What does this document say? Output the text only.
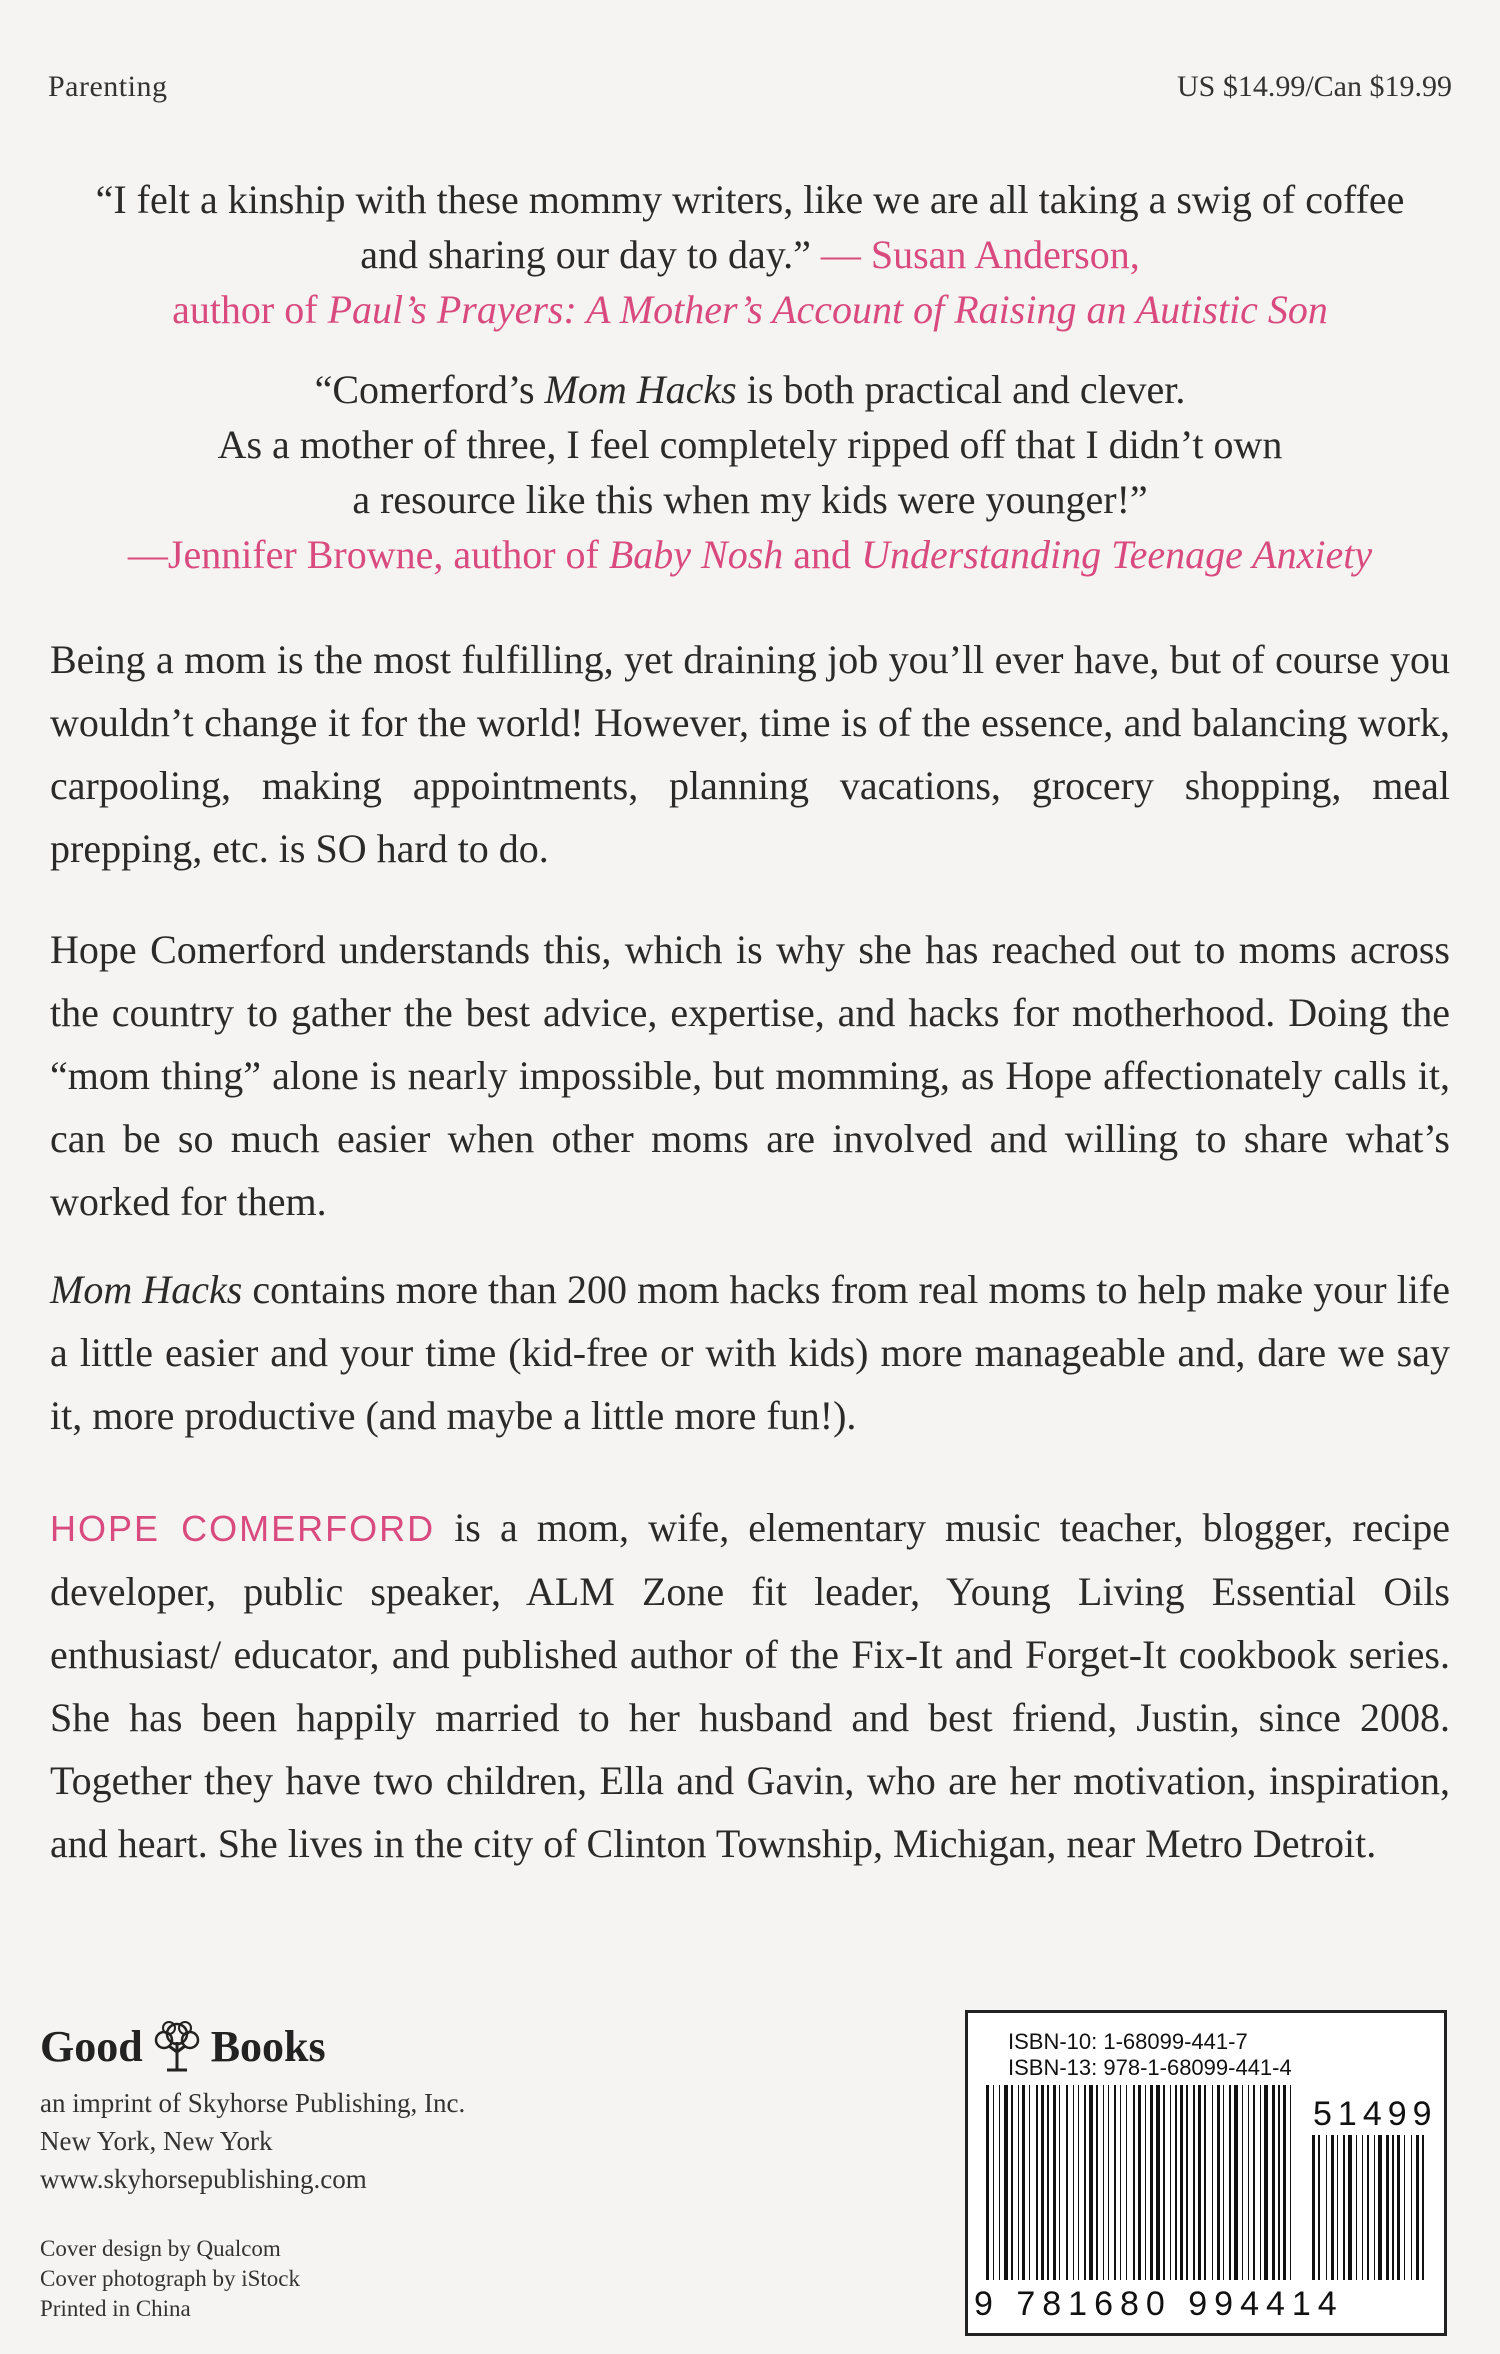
Parenting	US $14.99/Can $19.99
“I felt a kinship with these mommy writers, like we are all taking a swig of coffee
and sharing our day to day.” — Susan Anderson,
author of Paul’s Prayers: A Mother’s Account of Raising an Autistic Son
“Comerford’s Mom Hacks is both practical and clever.
As a mother of three, I feel completely ripped off that I didn’t own
a resource like this when my kids were younger!”
—Jennifer Browne, author of Baby Nosh and Understanding Teenage Anxiety
Being a mom is the most fulfilling, yet draining job you’ll ever have, but of course you wouldn’t change it for the world! However, time is of the essence, and balancing work, carpooling, making appointments, planning vacations, grocery shopping, meal prepping, etc. is SO hard to do.
Hope Comerford understands this, which is why she has reached out to moms across the country to gather the best advice, expertise, and hacks for motherhood. Doing the “mom thing” alone is nearly impossible, but momming, as Hope affectionately calls it, can be so much easier when other moms are involved and willing to share what’s worked for them.
Mom Hacks contains more than 200 mom hacks from real moms to help make your life a little easier and your time (kid-free or with kids) more manageable and, dare we say it, more productive (and maybe a little more fun!).
HOPE COMERFORD is a mom, wife, elementary music teacher, blogger, recipe developer, public speaker, ALM Zone fit leader, Young Living Essential Oils enthusiast/ educator, and published author of the Fix-It and Forget-It cookbook series. She has been happily married to her husband and best friend, Justin, since 2008. Together they have two children, Ella and Gavin, who are her motivation, inspiration, and heart. She lives in the city of Clinton Township, Michigan, near Metro Detroit.
Good Books
an imprint of Skyhorse Publishing, Inc.
New York, New York
www.skyhorsepublishing.com
Cover design by Qualcom
Cover photograph by iStock
Printed in China
ISBN-10: 1-68099-441-7
ISBN-13: 978-1-68099-441-4
51499
9 781680 994414
